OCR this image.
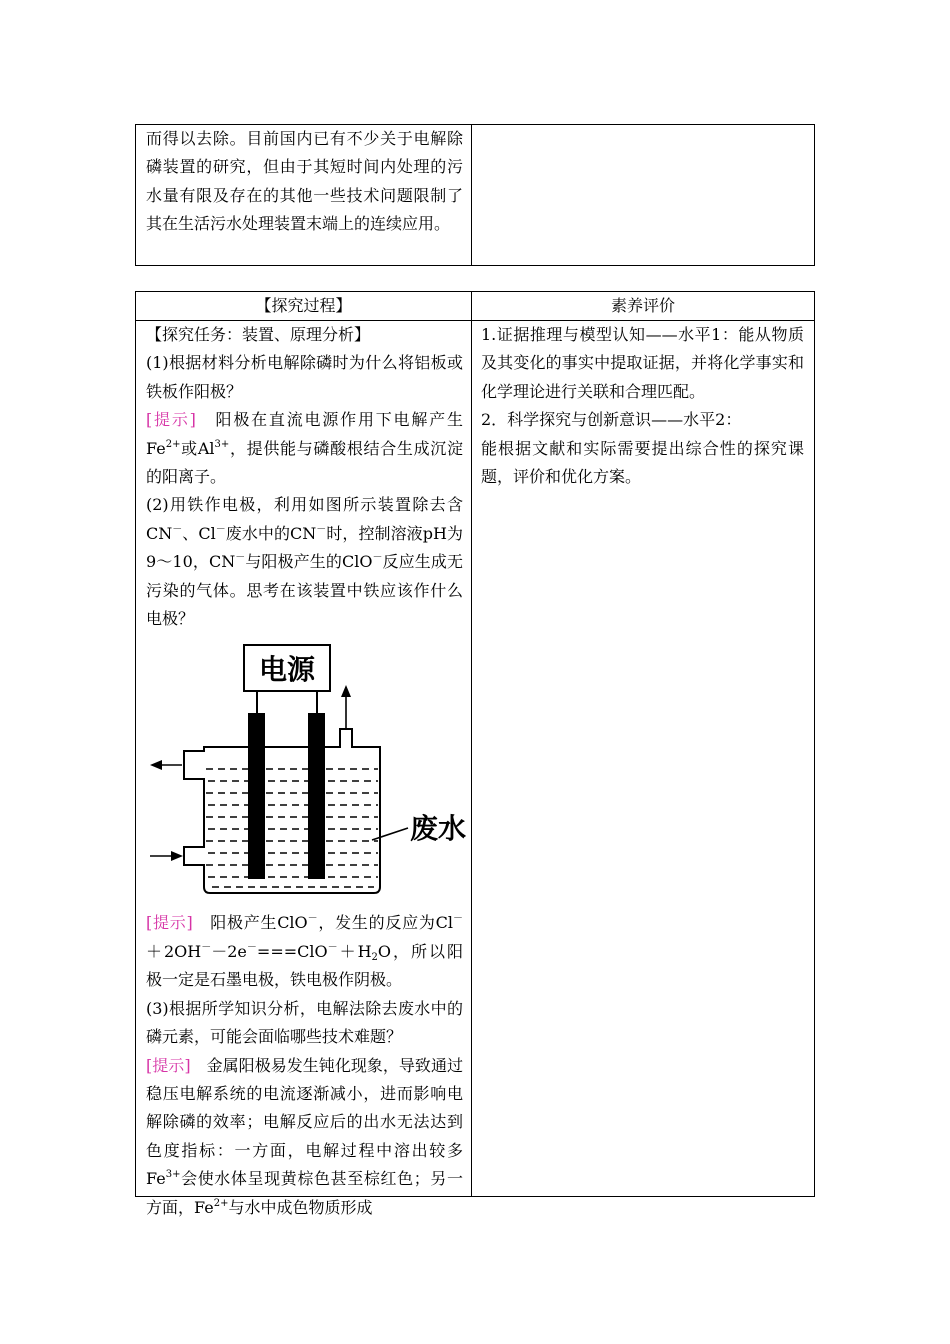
而得以去除。目前国内已有不少关于电解除磷装置的研究，但由于其短时间内处理的污水量有限及存在的其他一些技术问题限制了其在生活污水处理装置末端上的连续应用。
【探究过程】	素养评价

【探究任务：装置、原理分析】

(1)根据材料分析电解除磷时为什么将铝板或铁板作阳极？

[提示]　 阳极在直流电源作用下电解产生$Fe^{2+}$或$Al^{3+}$，提供能与磷酸根结合生成沉淀的阳离子。

(2)用铁作电极，利用如图所示装置除去含CN－、Cl－废水中的CN－时，控制溶液pH为9～10，CN－与阳极产生的ClO－反应生成无污染的气体。思考在该装置中铁应该作什么电极？

电源
废水

[提示]　 阳极产生ClO－，发生的反应为$Cl^-+2OH^--2e^-===ClO^-+H_2O$，所以阳极一定是石墨电极，铁电极作阴极。

(3)根据所学知识分析，电解法除去废水中的磷元素，可能会面临哪些技术难题？

[提示]　 金属阳极易发生钝化现象，导致通过稳压电解系统的电流逐渐减小，进而影响电解除磷的效率；电解反应后的出水无法达到色度指标：一方面，电解过程中溶出较多$Fe^{3+}$会使水体呈现黄棕色甚至棕红色；另一方面，$Fe^{2+}$与水中成色物质形成

1.证据推理与模型认知——水平1：能从物质及其变化的事实中提取证据，并将化学事实和化学理论进行关联和合理匹配。

2．科学探究与创新意识——水平2：

能根据文献和实际需要提出综合性的探究课题，评价和优化方案。
